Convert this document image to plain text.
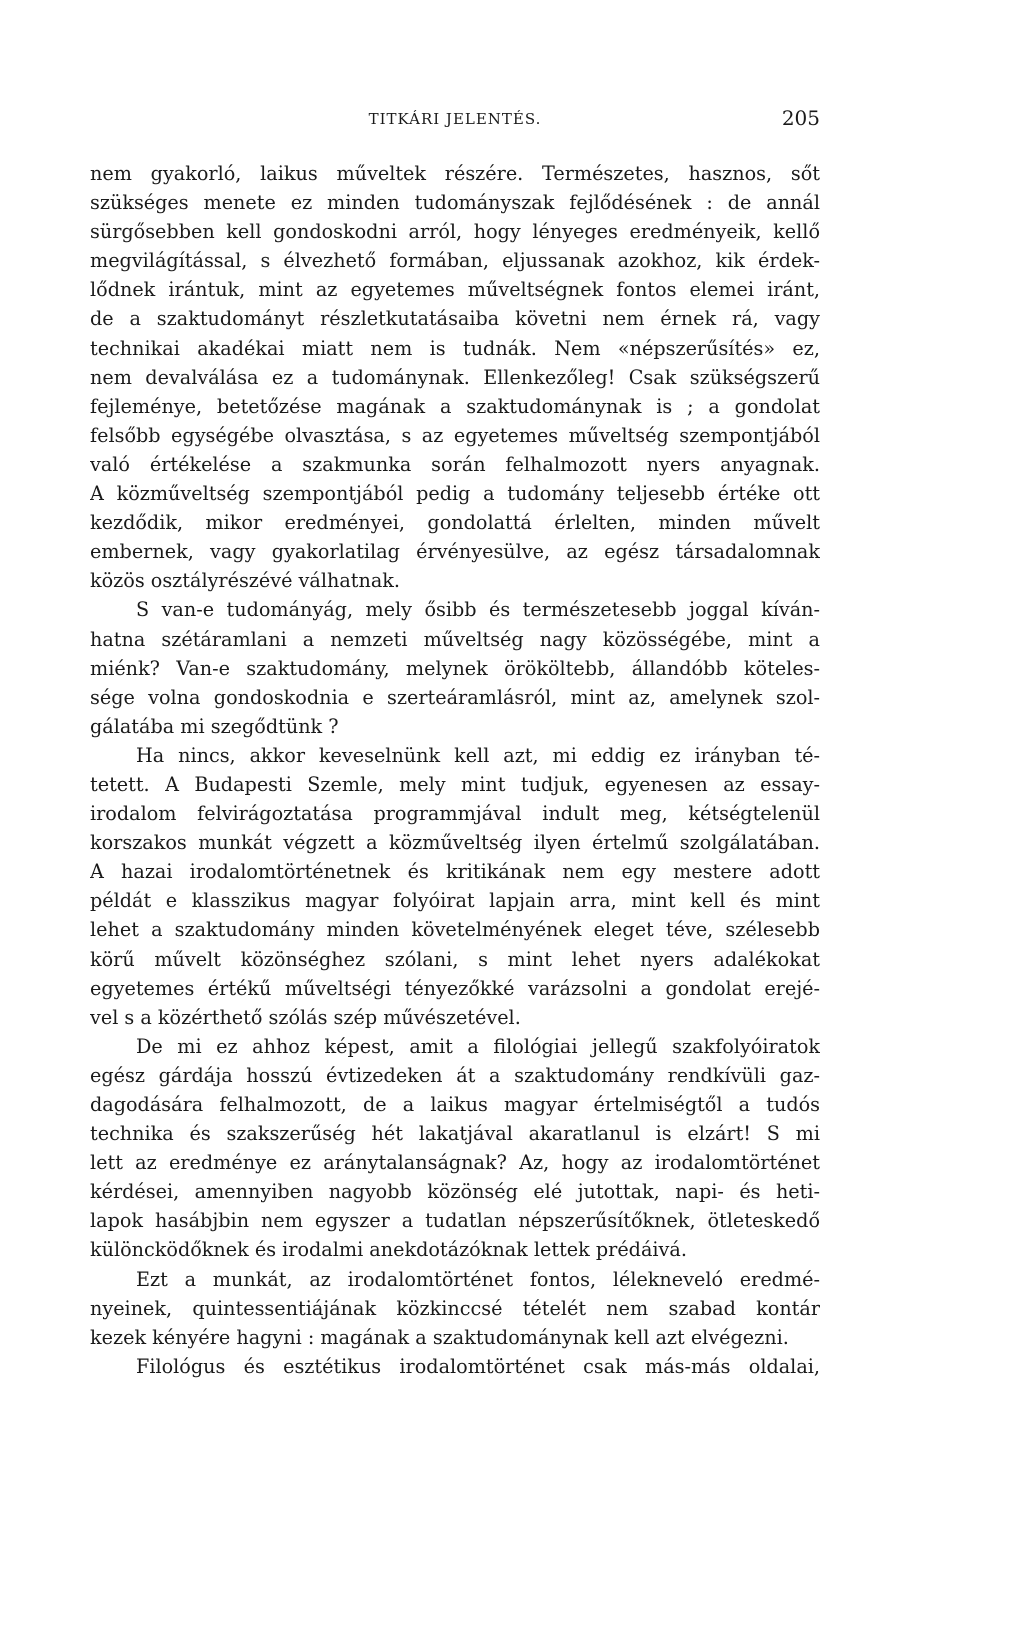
TITKÁRI JELENTÉS.	205
nem gyakorló, laikus műveltek részére. Természetes, hasznos, sőt
szükséges menete ez minden tudományszak fejlődésének : de annál
sürgősebben kell gondoskodni arról, hogy lényeges eredményeik, kellő
megvilágítással, s élvezhető formában, eljussanak azokhoz, kik érdek-
lődnek irántuk, mint az egyetemes műveltségnek fontos elemei iránt,
de a szaktudományt részletkutatásaiba követni nem érnek rá, vagy
technikai akadékai miatt nem is tudnák. Nem «népszerűsítés» ez,
nem devalválása ez a tudománynak. Ellenkezőleg! Csak szükségszerű
fejleménye, betetőzése magának a szaktudománynak is ; a gondolat
felsőbb egységébe olvasztása, s az egyetemes műveltség szempontjából
való értékelése a szakmunka során felhalmozott nyers anyagnak.
A közműveltség szempontjából pedig a tudomány teljesebb értéke ott
kezdődik, mikor eredményei, gondolattá érlelten, minden művelt
embernek, vagy gyakorlatilag érvényesülve, az egész társadalomnak
közös osztályrészévé válhatnak.
S van-e tudományág, mely ősibb és természetesebb joggal kíván-
hatna szétáramlani a nemzeti műveltség nagy közösségébe, mint a
miénk? Van-e szaktudomány, melynek örököltebb, állandóbb köteles-
sége volna gondoskodnia e szerteáramlásról, mint az, amelynek szol-
gálatába mi szegődtünk ?
Ha nincs, akkor keveselnünk kell azt, mi eddig ez irányban té-
tetett. A Budapesti Szemle, mely mint tudjuk, egyenesen az essay-
irodalom felvirágoztatása programmjával indult meg, kétségtelenül
korszakos munkát végzett a közműveltség ilyen értelmű szolgálatában.
A hazai irodalomtörténetnek és kritikának nem egy mestere adott
példát e klasszikus magyar folyóirat lapjain arra, mint kell és mint
lehet a szaktudomány minden követelményének eleget téve, szélesebb
körű művelt közönséghez szólani, s mint lehet nyers adalékokat
egyetemes értékű műveltségi tényezőkké varázsolni a gondolat erejé-
vel s a közérthető szólás szép művészetével.
De mi ez ahhoz képest, amit a filológiai jellegű szakfolyóiratok
egész gárdája hosszú évtizedeken át a szaktudomány rendkívüli gaz-
dagodására felhalmozott, de a laikus magyar értelmiségtől a tudós
technika és szakszerűség hét lakatjával akaratlanul is elzárt! S mi
lett az eredménye ez aránytalanságnak? Az, hogy az irodalomtörténet
kérdései, amennyiben nagyobb közönség elé jutottak, napi- és heti-
lapok hasábjbin nem egyszer a tudatlan népszerűsítőknek, ötleteskedő
különcködőknek és irodalmi anekdotázóknak lettek prédáivá.
Ezt a munkát, az irodalomtörténet fontos, lélekneveló eredmé-
nyeinek, quintessentiájának közkinccsé tételét nem szabad kontár
kezek kényére hagyni : magának a szaktudománynak kell azt elvégezni.
Filológus és esztétikus irodalomtörténet csak más-más oldalai,
